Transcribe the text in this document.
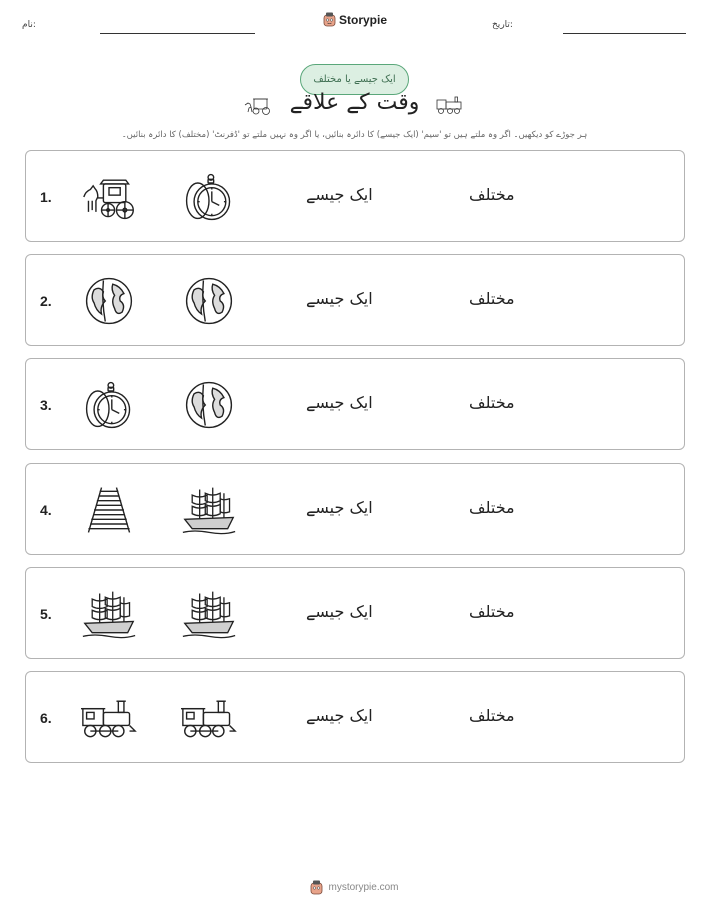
نام:	Storypie	تاریخ:
ایک جیسے یا مختلف
وقت کے علاقے
ہر جوڑے کو دیکھیں۔ اگر وہ ملتے ہیں تو 'سیم' (ایک جیسے) کا دائرہ بنائیں، یا اگر وہ نہیں ملتے تو 'ڈفرنٹ' (مختلف) کا دائرہ بنائیں۔
1.	ایک جیسے	مختلف
2.	ایک جیسے	مختلف
3.	ایک جیسے	مختلف
4.	ایک جیسے	مختلف
5.	ایک جیسے	مختلف
6.	ایک جیسے	مختلف
mystorypie.com
